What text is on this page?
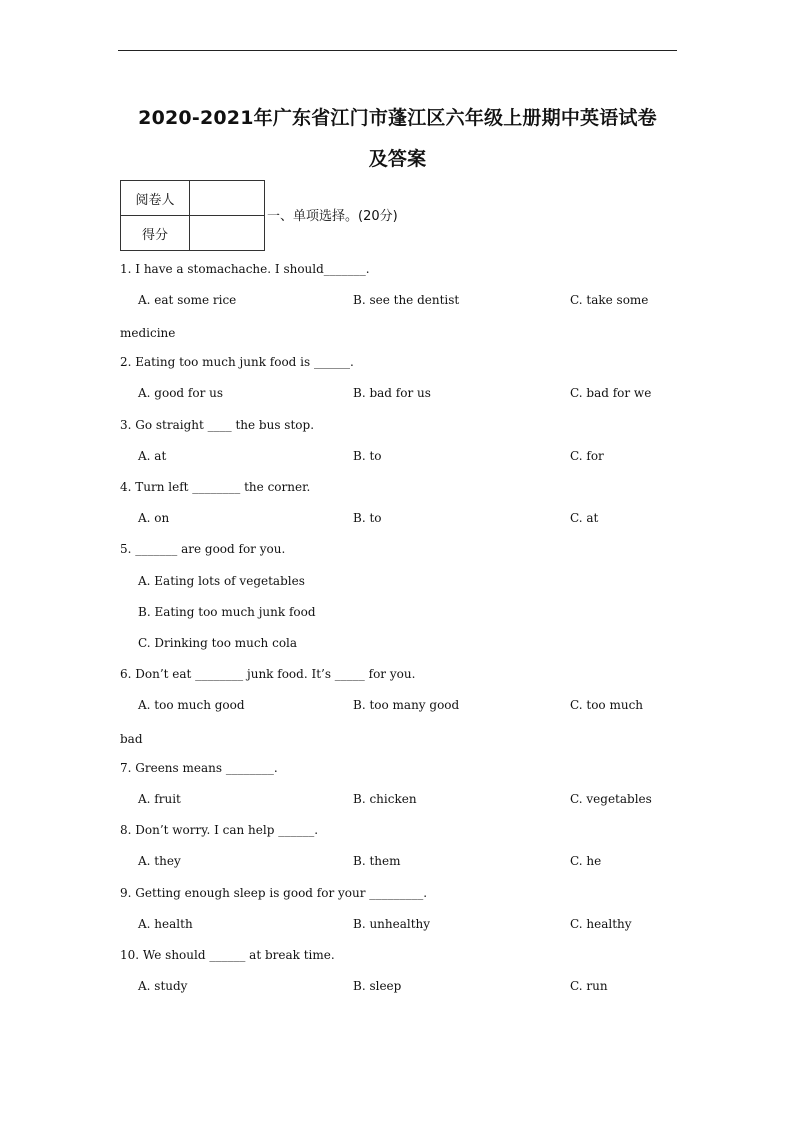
2020-2021年广东省江门市蓬江区六年级上册期中英语试卷
及答案
阅卷人	
得分	
一、单项选择。(20分)
1. I have a stomachache. I should_______.
A. eat some rice	B. see the dentist	C. take some
medicine
2. Eating too much junk food is ______.
A. good for us	B. bad for us	C. bad for we
3. Go straight ____ the bus stop.
A. at	B. to	C. for
4. Turn left ________ the corner.
A. on	B. to	C. at
5. _______ are good for you.
A. Eating lots of vegetables
B. Eating too much junk food
C. Drinking too much cola
6. Don’t eat ________ junk food. It’s _____ for you.
A. too much good	B. too many good	C. too much
bad
7. Greens means ________.
A. fruit	B. chicken	C. vegetables
8. Don’t worry. I can help ______.
A. they	B. them	C. he
9. Getting enough sleep is good for your _________.
A. health	B. unhealthy	C. healthy
10. We should ______ at break time.
A. study	B. sleep	C. run
